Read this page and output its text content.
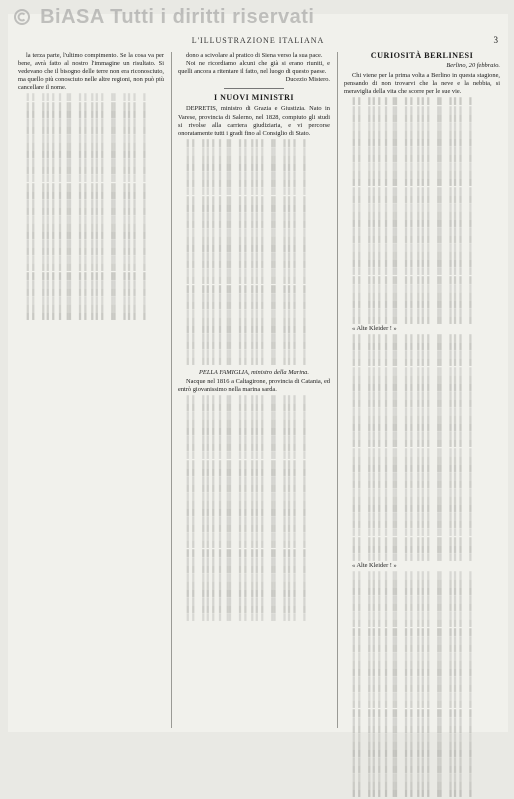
BiASA Tutti i diritti riservati
L'ILLUSTRAZIONE ITALIANA	3

la terza parte, l'ultimo compimento. Se la cosa va per bene, avrà fatto al nostro l'immagine un risultato. Si vedevano che il bisogno delle terre non era riconosciuto, ma quello più conosciuto nelle altre regioni, non può più cancellare il nome.

  ▐ ▌ ▐▐ ▌▐ ▐▌ ▐ ▌▐▐ ▌ ▐▌ ▐▐ ▌ ▐
  ▐ ▌ ▐▐ ▌▐ ▐▌ ▐ ▌▐▐ ▌ ▐▌ ▐▐ ▌ ▐
  ▐ ▌ ▐▐ ▌▐ ▐▌ ▐ ▌▐▐ ▌ ▐▌ ▐▐ ▌ ▐
  ▐ ▌ ▐▐ ▌▐ ▐▌ ▐ ▌▐▐ ▌ ▐▌ ▐▐ ▌ ▐
  ▐ ▌ ▐▐ ▌▐ ▐▌ ▐ ▌▐▐ ▌ ▐▌ ▐▐ ▌ ▐
  ▐ ▌ ▐▐ ▌▐ ▐▌ ▐ ▌▐▐ ▌ ▐▌ ▐▐ ▌ ▐
  ▐ ▌ ▐▐ ▌▐ ▐▌ ▐ ▌▐▐ ▌ ▐▌ ▐▐ ▌ ▐
  ▐ ▌ ▐▐ ▌▐ ▐▌ ▐ ▌▐▐ ▌ ▐▌ ▐▐ ▌ ▐
  ▐ ▌ ▐▐ ▌▐ ▐▌ ▐ ▌▐▐ ▌ ▐▌ ▐▐ ▌ ▐
  ▐ ▌ ▐▐ ▌▐ ▐▌ ▐ ▌▐▐ ▌ ▐▌ ▐▐ ▌ ▐
  ▐ ▌ ▐▐ ▌▐ ▐▌ ▐ ▌▐▐ ▌ ▐▌ ▐▐ ▌ ▐
  ▐ ▌ ▐▐ ▌▐ ▐▌ ▐ ▌▐▐ ▌ ▐▌ ▐▐ ▌ ▐
  ▐ ▌ ▐▐ ▌▐ ▐▌ ▐ ▌▐▐ ▌ ▐▌ ▐▐ ▌ ▐
  ▐ ▌ ▐▐ ▌▐ ▐▌ ▐ ▌▐▐ ▌ ▐▌ ▐▐ ▌ ▐
  ▐ ▌ ▐▐ ▌▐ ▐▌ ▐ ▌▐▐ ▌ ▐▌ ▐▐ ▌ ▐
  ▐ ▌ ▐▐ ▌▐ ▐▌ ▐ ▌▐▐ ▌ ▐▌ ▐▐ ▌ ▐
  ▐ ▌ ▐▐ ▌▐ ▐▌ ▐ ▌▐▐ ▌ ▐▌ ▐▐ ▌ ▐
  ▐ ▌ ▐▐ ▌▐ ▐▌ ▐ ▌▐▐ ▌ ▐▌ ▐▐ ▌ ▐
  ▐ ▌ ▐▐ ▌▐ ▐▌ ▐ ▌▐▐ ▌ ▐▌ ▐▐ ▌ ▐
  ▐ ▌ ▐▐ ▌▐ ▐▌ ▐ ▌▐▐ ▌ ▐▌ ▐▐ ▌ ▐
  ▐ ▌ ▐▐ ▌▐ ▐▌ ▐ ▌▐▐ ▌ ▐▌ ▐▐ ▌ ▐
  ▐ ▌ ▐▐ ▌▐ ▐▌ ▐ ▌▐▐ ▌ ▐▌ ▐▐ ▌ ▐
  ▐ ▌ ▐▐ ▌▐ ▐▌ ▐ ▌▐▐ ▌ ▐▌ ▐▐ ▌ ▐
  ▐ ▌ ▐▐ ▌▐ ▐▌ ▐ ▌▐▐ ▌ ▐▌ ▐▐ ▌ ▐
  ▐ ▌ ▐▐ ▌▐ ▐▌ ▐ ▌▐▐ ▌ ▐▌ ▐▐ ▌ ▐
  ▐ ▌ ▐▐ ▌▐ ▐▌ ▐ ▌▐▐ ▌ ▐▌ ▐▐ ▌ ▐
  ▐ ▌ ▐▐ ▌▐ ▐▌ ▐ ▌▐▐ ▌ ▐▌ ▐▐ ▌ ▐
  ▐ ▌ ▐▐ ▌▐ ▐▌ ▐ ▌▐▐ ▌ ▐▌ ▐▐ ▌ ▐

dono a scivolare al pratico di Siena verso la sua pace.

Noi ne ricordiamo alcuni che già si erano riuniti, e quelli ancora a ritentare il fatto, nel luogo di questo paese.

Ducezio Mistero.
I NUOVI MINISTRI

DEPRETIS, ministro di Grazia e Giustizia. Nato in Varese, provincia di Salerno, nel 1828, compiuto gli studi si rivolse alla carriera giudiziaria, e vi percorse onoratamente tutti i gradi fino al Consiglio di Stato.

  ▐ ▌ ▐▐ ▌▐ ▐▌ ▐ ▌▐▐ ▌ ▐▌ ▐▐ ▌ ▐
  ▐ ▌ ▐▐ ▌▐ ▐▌ ▐ ▌▐▐ ▌ ▐▌ ▐▐ ▌ ▐
  ▐ ▌ ▐▐ ▌▐ ▐▌ ▐ ▌▐▐ ▌ ▐▌ ▐▐ ▌ ▐
  ▐ ▌ ▐▐ ▌▐ ▐▌ ▐ ▌▐▐ ▌ ▐▌ ▐▐ ▌ ▐
  ▐ ▌ ▐▐ ▌▐ ▐▌ ▐ ▌▐▐ ▌ ▐▌ ▐▐ ▌ ▐
  ▐ ▌ ▐▐ ▌▐ ▐▌ ▐ ▌▐▐ ▌ ▐▌ ▐▐ ▌ ▐
  ▐ ▌ ▐▐ ▌▐ ▐▌ ▐ ▌▐▐ ▌ ▐▌ ▐▐ ▌ ▐
  ▐ ▌ ▐▐ ▌▐ ▐▌ ▐ ▌▐▐ ▌ ▐▌ ▐▐ ▌ ▐
  ▐ ▌ ▐▐ ▌▐ ▐▌ ▐ ▌▐▐ ▌ ▐▌ ▐▐ ▌ ▐
  ▐ ▌ ▐▐ ▌▐ ▐▌ ▐ ▌▐▐ ▌ ▐▌ ▐▐ ▌ ▐
  ▐ ▌ ▐▐ ▌▐ ▐▌ ▐ ▌▐▐ ▌ ▐▌ ▐▐ ▌ ▐
  ▐ ▌ ▐▐ ▌▐ ▐▌ ▐ ▌▐▐ ▌ ▐▌ ▐▐ ▌ ▐
  ▐ ▌ ▐▐ ▌▐ ▐▌ ▐ ▌▐▐ ▌ ▐▌ ▐▐ ▌ ▐
  ▐ ▌ ▐▐ ▌▐ ▐▌ ▐ ▌▐▐ ▌ ▐▌ ▐▐ ▌ ▐
  ▐ ▌ ▐▐ ▌▐ ▐▌ ▐ ▌▐▐ ▌ ▐▌ ▐▐ ▌ ▐
  ▐ ▌ ▐▐ ▌▐ ▐▌ ▐ ▌▐▐ ▌ ▐▌ ▐▐ ▌ ▐
  ▐ ▌ ▐▐ ▌▐ ▐▌ ▐ ▌▐▐ ▌ ▐▌ ▐▐ ▌ ▐
  ▐ ▌ ▐▐ ▌▐ ▐▌ ▐ ▌▐▐ ▌ ▐▌ ▐▐ ▌ ▐
  ▐ ▌ ▐▐ ▌▐ ▐▌ ▐ ▌▐▐ ▌ ▐▌ ▐▐ ▌ ▐
  ▐ ▌ ▐▐ ▌▐ ▐▌ ▐ ▌▐▐ ▌ ▐▌ ▐▐ ▌ ▐
  ▐ ▌ ▐▐ ▌▐ ▐▌ ▐ ▌▐▐ ▌ ▐▌ ▐▐ ▌ ▐
  ▐ ▌ ▐▐ ▌▐ ▐▌ ▐ ▌▐▐ ▌ ▐▌ ▐▐ ▌ ▐
  ▐ ▌ ▐▐ ▌▐ ▐▌ ▐ ▌▐▐ ▌ ▐▌ ▐▐ ▌ ▐
  ▐ ▌ ▐▐ ▌▐ ▐▌ ▐ ▌▐▐ ▌ ▐▌ ▐▐ ▌ ▐
  ▐ ▌ ▐▐ ▌▐ ▐▌ ▐ ▌▐▐ ▌ ▐▌ ▐▐ ▌ ▐
  ▐ ▌ ▐▐ ▌▐ ▐▌ ▐ ▌▐▐ ▌ ▐▌ ▐▐ ▌ ▐
  ▐ ▌ ▐▐ ▌▐ ▐▌ ▐ ▌▐▐ ▌ ▐▌ ▐▐ ▌ ▐
  ▐ ▌ ▐▐ ▌▐ ▐▌ ▐ ▌▐▐ ▌ ▐▌ ▐▐ ▌ ▐
PELLA FAMIGLIA, ministro della Marina.

Nacque nel 1816 a Caltagirone, provincia di Catania, ed entrò giovanissimo nella marina sarda.

  ▐ ▌ ▐▐ ▌▐ ▐▌ ▐ ▌▐▐ ▌ ▐▌ ▐▐ ▌ ▐
  ▐ ▌ ▐▐ ▌▐ ▐▌ ▐ ▌▐▐ ▌ ▐▌ ▐▐ ▌ ▐
  ▐ ▌ ▐▐ ▌▐ ▐▌ ▐ ▌▐▐ ▌ ▐▌ ▐▐ ▌ ▐
  ▐ ▌ ▐▐ ▌▐ ▐▌ ▐ ▌▐▐ ▌ ▐▌ ▐▐ ▌ ▐
  ▐ ▌ ▐▐ ▌▐ ▐▌ ▐ ▌▐▐ ▌ ▐▌ ▐▐ ▌ ▐
  ▐ ▌ ▐▐ ▌▐ ▐▌ ▐ ▌▐▐ ▌ ▐▌ ▐▐ ▌ ▐
  ▐ ▌ ▐▐ ▌▐ ▐▌ ▐ ▌▐▐ ▌ ▐▌ ▐▐ ▌ ▐
  ▐ ▌ ▐▐ ▌▐ ▐▌ ▐ ▌▐▐ ▌ ▐▌ ▐▐ ▌ ▐
  ▐ ▌ ▐▐ ▌▐ ▐▌ ▐ ▌▐▐ ▌ ▐▌ ▐▐ ▌ ▐
  ▐ ▌ ▐▐ ▌▐ ▐▌ ▐ ▌▐▐ ▌ ▐▌ ▐▐ ▌ ▐
  ▐ ▌ ▐▐ ▌▐ ▐▌ ▐ ▌▐▐ ▌ ▐▌ ▐▐ ▌ ▐
  ▐ ▌ ▐▐ ▌▐ ▐▌ ▐ ▌▐▐ ▌ ▐▌ ▐▐ ▌ ▐
  ▐ ▌ ▐▐ ▌▐ ▐▌ ▐ ▌▐▐ ▌ ▐▌ ▐▐ ▌ ▐
  ▐ ▌ ▐▐ ▌▐ ▐▌ ▐ ▌▐▐ ▌ ▐▌ ▐▐ ▌ ▐
  ▐ ▌ ▐▐ ▌▐ ▐▌ ▐ ▌▐▐ ▌ ▐▌ ▐▐ ▌ ▐
  ▐ ▌ ▐▐ ▌▐ ▐▌ ▐ ▌▐▐ ▌ ▐▌ ▐▐ ▌ ▐
  ▐ ▌ ▐▐ ▌▐ ▐▌ ▐ ▌▐▐ ▌ ▐▌ ▐▐ ▌ ▐
  ▐ ▌ ▐▐ ▌▐ ▐▌ ▐ ▌▐▐ ▌ ▐▌ ▐▐ ▌ ▐
  ▐ ▌ ▐▐ ▌▐ ▐▌ ▐ ▌▐▐ ▌ ▐▌ ▐▐ ▌ ▐
  ▐ ▌ ▐▐ ▌▐ ▐▌ ▐ ▌▐▐ ▌ ▐▌ ▐▐ ▌ ▐
  ▐ ▌ ▐▐ ▌▐ ▐▌ ▐ ▌▐▐ ▌ ▐▌ ▐▐ ▌ ▐
  ▐ ▌ ▐▐ ▌▐ ▐▌ ▐ ▌▐▐ ▌ ▐▌ ▐▐ ▌ ▐
  ▐ ▌ ▐▐ ▌▐ ▐▌ ▐ ▌▐▐ ▌ ▐▌ ▐▐ ▌ ▐
  ▐ ▌ ▐▐ ▌▐ ▐▌ ▐ ▌▐▐ ▌ ▐▌ ▐▐ ▌ ▐
  ▐ ▌ ▐▐ ▌▐ ▐▌ ▐ ▌▐▐ ▌ ▐▌ ▐▐ ▌ ▐
  ▐ ▌ ▐▐ ▌▐ ▐▌ ▐ ▌▐▐ ▌ ▐▌ ▐▐ ▌ ▐
  ▐ ▌ ▐▐ ▌▐ ▐▌ ▐ ▌▐▐ ▌ ▐▌ ▐▐ ▌ ▐
  ▐ ▌ ▐▐ ▌▐ ▐▌ ▐ ▌▐▐ ▌ ▐▌ ▐▐ ▌ ▐
CURIOSITÀ BERLINESI
Berlino, 20 febbraio.

Chi viene per la prima volta a Berlino in questa stagione, pensando di non trovarvi che la neve e la nebbia, si meraviglia della vita che scorre per le sue vie.

  ▐ ▌ ▐▐ ▌▐ ▐▌ ▐ ▌▐▐ ▌ ▐▌ ▐▐ ▌ ▐
  ▐ ▌ ▐▐ ▌▐ ▐▌ ▐ ▌▐▐ ▌ ▐▌ ▐▐ ▌ ▐
  ▐ ▌ ▐▐ ▌▐ ▐▌ ▐ ▌▐▐ ▌ ▐▌ ▐▐ ▌ ▐
  ▐ ▌ ▐▐ ▌▐ ▐▌ ▐ ▌▐▐ ▌ ▐▌ ▐▐ ▌ ▐
  ▐ ▌ ▐▐ ▌▐ ▐▌ ▐ ▌▐▐ ▌ ▐▌ ▐▐ ▌ ▐
  ▐ ▌ ▐▐ ▌▐ ▐▌ ▐ ▌▐▐ ▌ ▐▌ ▐▐ ▌ ▐
  ▐ ▌ ▐▐ ▌▐ ▐▌ ▐ ▌▐▐ ▌ ▐▌ ▐▐ ▌ ▐
  ▐ ▌ ▐▐ ▌▐ ▐▌ ▐ ▌▐▐ ▌ ▐▌ ▐▐ ▌ ▐
  ▐ ▌ ▐▐ ▌▐ ▐▌ ▐ ▌▐▐ ▌ ▐▌ ▐▐ ▌ ▐
  ▐ ▌ ▐▐ ▌▐ ▐▌ ▐ ▌▐▐ ▌ ▐▌ ▐▐ ▌ ▐
  ▐ ▌ ▐▐ ▌▐ ▐▌ ▐ ▌▐▐ ▌ ▐▌ ▐▐ ▌ ▐
  ▐ ▌ ▐▐ ▌▐ ▐▌ ▐ ▌▐▐ ▌ ▐▌ ▐▐ ▌ ▐
  ▐ ▌ ▐▐ ▌▐ ▐▌ ▐ ▌▐▐ ▌ ▐▌ ▐▐ ▌ ▐
  ▐ ▌ ▐▐ ▌▐ ▐▌ ▐ ▌▐▐ ▌ ▐▌ ▐▐ ▌ ▐
  ▐ ▌ ▐▐ ▌▐ ▐▌ ▐ ▌▐▐ ▌ ▐▌ ▐▐ ▌ ▐
  ▐ ▌ ▐▐ ▌▐ ▐▌ ▐ ▌▐▐ ▌ ▐▌ ▐▐ ▌ ▐
  ▐ ▌ ▐▐ ▌▐ ▐▌ ▐ ▌▐▐ ▌ ▐▌ ▐▐ ▌ ▐
  ▐ ▌ ▐▐ ▌▐ ▐▌ ▐ ▌▐▐ ▌ ▐▌ ▐▐ ▌ ▐
  ▐ ▌ ▐▐ ▌▐ ▐▌ ▐ ▌▐▐ ▌ ▐▌ ▐▐ ▌ ▐
  ▐ ▌ ▐▐ ▌▐ ▐▌ ▐ ▌▐▐ ▌ ▐▌ ▐▐ ▌ ▐
  ▐ ▌ ▐▐ ▌▐ ▐▌ ▐ ▌▐▐ ▌ ▐▌ ▐▐ ▌ ▐
  ▐ ▌ ▐▐ ▌▐ ▐▌ ▐ ▌▐▐ ▌ ▐▌ ▐▐ ▌ ▐
  ▐ ▌ ▐▐ ▌▐ ▐▌ ▐ ▌▐▐ ▌ ▐▌ ▐▐ ▌ ▐
  ▐ ▌ ▐▐ ▌▐ ▐▌ ▐ ▌▐▐ ▌ ▐▌ ▐▐ ▌ ▐
  ▐ ▌ ▐▐ ▌▐ ▐▌ ▐ ▌▐▐ ▌ ▐▌ ▐▐ ▌ ▐
  ▐ ▌ ▐▐ ▌▐ ▐▌ ▐ ▌▐▐ ▌ ▐▌ ▐▐ ▌ ▐
  ▐ ▌ ▐▐ ▌▐ ▐▌ ▐ ▌▐▐ ▌ ▐▌ ▐▐ ▌ ▐
  ▐ ▌ ▐▐ ▌▐ ▐▌ ▐ ▌▐▐ ▌ ▐▌ ▐▐ ▌ ▐

« Alte Kleider ! »

  ▐ ▌ ▐▐ ▌▐ ▐▌ ▐ ▌▐▐ ▌ ▐▌ ▐▐ ▌ ▐
  ▐ ▌ ▐▐ ▌▐ ▐▌ ▐ ▌▐▐ ▌ ▐▌ ▐▐ ▌ ▐
  ▐ ▌ ▐▐ ▌▐ ▐▌ ▐ ▌▐▐ ▌ ▐▌ ▐▐ ▌ ▐
  ▐ ▌ ▐▐ ▌▐ ▐▌ ▐ ▌▐▐ ▌ ▐▌ ▐▐ ▌ ▐
  ▐ ▌ ▐▐ ▌▐ ▐▌ ▐ ▌▐▐ ▌ ▐▌ ▐▐ ▌ ▐
  ▐ ▌ ▐▐ ▌▐ ▐▌ ▐ ▌▐▐ ▌ ▐▌ ▐▐ ▌ ▐
  ▐ ▌ ▐▐ ▌▐ ▐▌ ▐ ▌▐▐ ▌ ▐▌ ▐▐ ▌ ▐
  ▐ ▌ ▐▐ ▌▐ ▐▌ ▐ ▌▐▐ ▌ ▐▌ ▐▐ ▌ ▐
  ▐ ▌ ▐▐ ▌▐ ▐▌ ▐ ▌▐▐ ▌ ▐▌ ▐▐ ▌ ▐
  ▐ ▌ ▐▐ ▌▐ ▐▌ ▐ ▌▐▐ ▌ ▐▌ ▐▐ ▌ ▐
  ▐ ▌ ▐▐ ▌▐ ▐▌ ▐ ▌▐▐ ▌ ▐▌ ▐▐ ▌ ▐
  ▐ ▌ ▐▐ ▌▐ ▐▌ ▐ ▌▐▐ ▌ ▐▌ ▐▐ ▌ ▐
  ▐ ▌ ▐▐ ▌▐ ▐▌ ▐ ▌▐▐ ▌ ▐▌ ▐▐ ▌ ▐
  ▐ ▌ ▐▐ ▌▐ ▐▌ ▐ ▌▐▐ ▌ ▐▌ ▐▐ ▌ ▐
  ▐ ▌ ▐▐ ▌▐ ▐▌ ▐ ▌▐▐ ▌ ▐▌ ▐▐ ▌ ▐
  ▐ ▌ ▐▐ ▌▐ ▐▌ ▐ ▌▐▐ ▌ ▐▌ ▐▐ ▌ ▐
  ▐ ▌ ▐▐ ▌▐ ▐▌ ▐ ▌▐▐ ▌ ▐▌ ▐▐ ▌ ▐
  ▐ ▌ ▐▐ ▌▐ ▐▌ ▐ ▌▐▐ ▌ ▐▌ ▐▐ ▌ ▐
  ▐ ▌ ▐▐ ▌▐ ▐▌ ▐ ▌▐▐ ▌ ▐▌ ▐▐ ▌ ▐
  ▐ ▌ ▐▐ ▌▐ ▐▌ ▐ ▌▐▐ ▌ ▐▌ ▐▐ ▌ ▐
  ▐ ▌ ▐▐ ▌▐ ▐▌ ▐ ▌▐▐ ▌ ▐▌ ▐▐ ▌ ▐
  ▐ ▌ ▐▐ ▌▐ ▐▌ ▐ ▌▐▐ ▌ ▐▌ ▐▐ ▌ ▐
  ▐ ▌ ▐▐ ▌▐ ▐▌ ▐ ▌▐▐ ▌ ▐▌ ▐▐ ▌ ▐
  ▐ ▌ ▐▐ ▌▐ ▐▌ ▐ ▌▐▐ ▌ ▐▌ ▐▐ ▌ ▐
  ▐ ▌ ▐▐ ▌▐ ▐▌ ▐ ▌▐▐ ▌ ▐▌ ▐▐ ▌ ▐
  ▐ ▌ ▐▐ ▌▐ ▐▌ ▐ ▌▐▐ ▌ ▐▌ ▐▐ ▌ ▐
  ▐ ▌ ▐▐ ▌▐ ▐▌ ▐ ▌▐▐ ▌ ▐▌ ▐▐ ▌ ▐
  ▐ ▌ ▐▐ ▌▐ ▐▌ ▐ ▌▐▐ ▌ ▐▌ ▐▐ ▌ ▐

« Alte Kleider ! »

  ▐ ▌ ▐▐ ▌▐ ▐▌ ▐ ▌▐▐ ▌ ▐▌ ▐▐ ▌ ▐
  ▐ ▌ ▐▐ ▌▐ ▐▌ ▐ ▌▐▐ ▌ ▐▌ ▐▐ ▌ ▐
  ▐ ▌ ▐▐ ▌▐ ▐▌ ▐ ▌▐▐ ▌ ▐▌ ▐▐ ▌ ▐
  ▐ ▌ ▐▐ ▌▐ ▐▌ ▐ ▌▐▐ ▌ ▐▌ ▐▐ ▌ ▐
  ▐ ▌ ▐▐ ▌▐ ▐▌ ▐ ▌▐▐ ▌ ▐▌ ▐▐ ▌ ▐
  ▐ ▌ ▐▐ ▌▐ ▐▌ ▐ ▌▐▐ ▌ ▐▌ ▐▐ ▌ ▐
  ▐ ▌ ▐▐ ▌▐ ▐▌ ▐ ▌▐▐ ▌ ▐▌ ▐▐ ▌ ▐
  ▐ ▌ ▐▐ ▌▐ ▐▌ ▐ ▌▐▐ ▌ ▐▌ ▐▐ ▌ ▐
  ▐ ▌ ▐▐ ▌▐ ▐▌ ▐ ▌▐▐ ▌ ▐▌ ▐▐ ▌ ▐
  ▐ ▌ ▐▐ ▌▐ ▐▌ ▐ ▌▐▐ ▌ ▐▌ ▐▐ ▌ ▐
  ▐ ▌ ▐▐ ▌▐ ▐▌ ▐ ▌▐▐ ▌ ▐▌ ▐▐ ▌ ▐
  ▐ ▌ ▐▐ ▌▐ ▐▌ ▐ ▌▐▐ ▌ ▐▌ ▐▐ ▌ ▐
  ▐ ▌ ▐▐ ▌▐ ▐▌ ▐ ▌▐▐ ▌ ▐▌ ▐▐ ▌ ▐
  ▐ ▌ ▐▐ ▌▐ ▐▌ ▐ ▌▐▐ ▌ ▐▌ ▐▐ ▌ ▐
  ▐ ▌ ▐▐ ▌▐ ▐▌ ▐ ▌▐▐ ▌ ▐▌ ▐▐ ▌ ▐
  ▐ ▌ ▐▐ ▌▐ ▐▌ ▐ ▌▐▐ ▌ ▐▌ ▐▐ ▌ ▐
  ▐ ▌ ▐▐ ▌▐ ▐▌ ▐ ▌▐▐ ▌ ▐▌ ▐▐ ▌ ▐
  ▐ ▌ ▐▐ ▌▐ ▐▌ ▐ ▌▐▐ ▌ ▐▌ ▐▐ ▌ ▐
  ▐ ▌ ▐▐ ▌▐ ▐▌ ▐ ▌▐▐ ▌ ▐▌ ▐▐ ▌ ▐
  ▐ ▌ ▐▐ ▌▐ ▐▌ ▐ ▌▐▐ ▌ ▐▌ ▐▐ ▌ ▐
  ▐ ▌ ▐▐ ▌▐ ▐▌ ▐ ▌▐▐ ▌ ▐▌ ▐▐ ▌ ▐
  ▐ ▌ ▐▐ ▌▐ ▐▌ ▐ ▌▐▐ ▌ ▐▌ ▐▐ ▌ ▐
  ▐ ▌ ▐▐ ▌▐ ▐▌ ▐ ▌▐▐ ▌ ▐▌ ▐▐ ▌ ▐
  ▐ ▌ ▐▐ ▌▐ ▐▌ ▐ ▌▐▐ ▌ ▐▌ ▐▐ ▌ ▐
  ▐ ▌ ▐▐ ▌▐ ▐▌ ▐ ▌▐▐ ▌ ▐▌ ▐▐ ▌ ▐
  ▐ ▌ ▐▐ ▌▐ ▐▌ ▐ ▌▐▐ ▌ ▐▌ ▐▐ ▌ ▐
  ▐ ▌ ▐▐ ▌▐ ▐▌ ▐ ▌▐▐ ▌ ▐▌ ▐▐ ▌ ▐
  ▐ ▌ ▐▐ ▌▐ ▐▌ ▐ ▌▐▐ ▌ ▐▌ ▐▐ ▌ ▐
